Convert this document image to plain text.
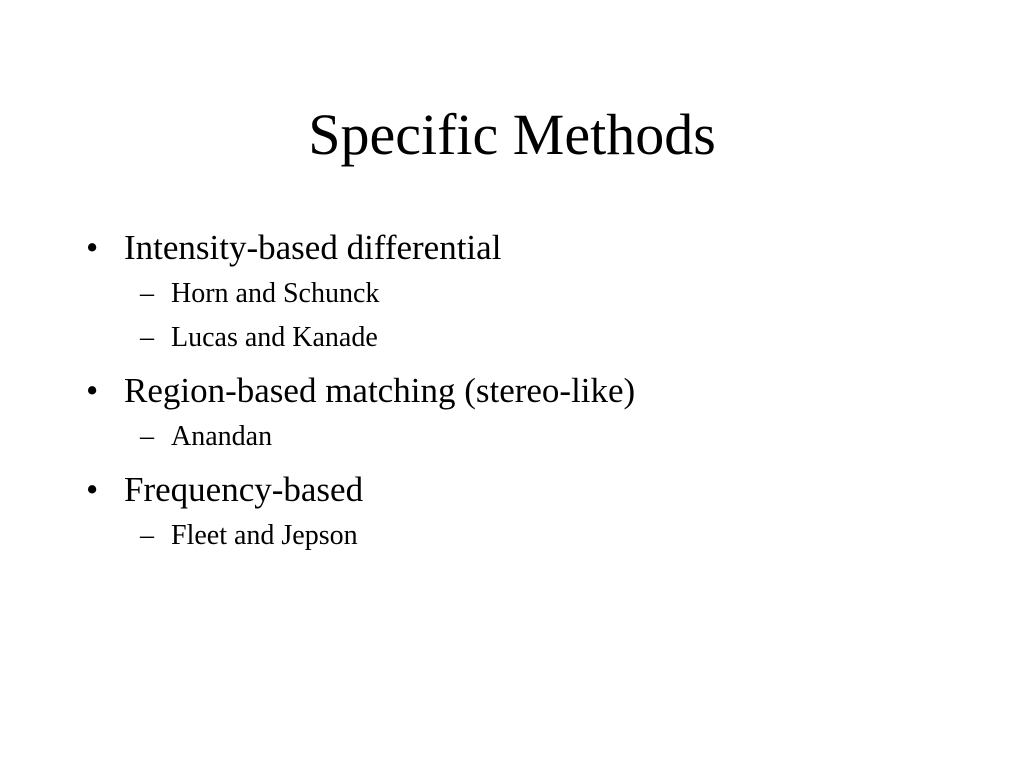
Specific Methods
• Intensity-based differential
– Horn and Schunck
– Lucas and Kanade
• Region-based matching (stereo-like)
– Anandan
• Frequency-based
– Fleet and Jepson
